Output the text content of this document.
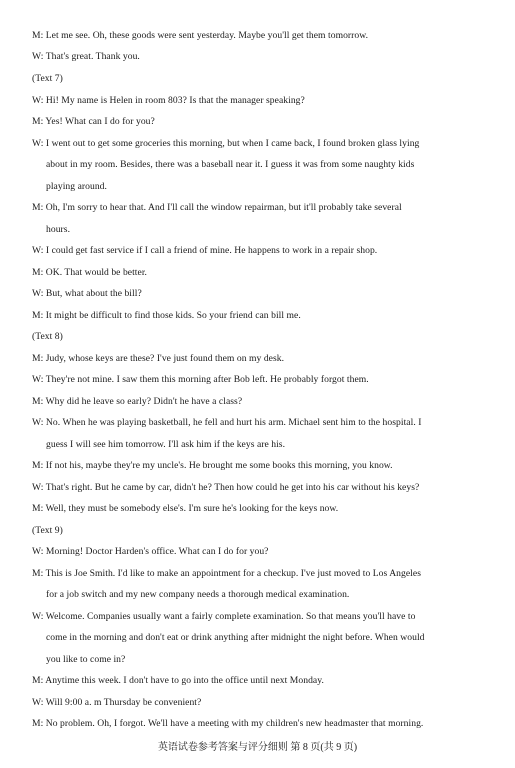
M: Let me see. Oh, these goods were sent yesterday. Maybe you'll get them tomorrow.
W: That's great. Thank you.
(Text 7)
W: Hi! My name is Helen in room 803? Is that the manager speaking?
M: Yes! What can I do for you?
W: I went out to get some groceries this morning, but when I came back, I found broken glass lying
about in my room. Besides, there was a baseball near it. I guess it was from some naughty kids
playing around.
M: Oh, I'm sorry to hear that. And I'll call the window repairman, but it'll probably take several
hours.
W: I could get fast service if I call a friend of mine. He happens to work in a repair shop.
M: OK. That would be better.
W: But, what about the bill?
M: It might be difficult to find those kids. So your friend can bill me.
(Text 8)
M: Judy, whose keys are these? I've just found them on my desk.
W: They're not mine. I saw them this morning after Bob left. He probably forgot them.
M: Why did he leave so early? Didn't he have a class?
W: No. When he was playing basketball, he fell and hurt his arm. Michael sent him to the hospital. I
guess I will see him tomorrow. I'll ask him if the keys are his.
M: If not his, maybe they're my uncle's. He brought me some books this morning, you know.
W: That's right. But he came by car, didn't he? Then how could he get into his car without his keys?
M: Well, they must be somebody else's. I'm sure he's looking for the keys now.
(Text 9)
W: Morning! Doctor Harden's office. What can I do for you?
M: This is Joe Smith. I'd like to make an appointment for a checkup. I've just moved to Los Angeles
for a job switch and my new company needs a thorough medical examination.
W: Welcome. Companies usually want a fairly complete examination. So that means you'll have to
come in the morning and don't eat or drink anything after midnight the night before. When would
you like to come in?
M: Anytime this week. I don't have to go into the office until next Monday.
W: Will 9:00 a. m Thursday be convenient?
M: No problem. Oh, I forgot. We'll have a meeting with my children's new headmaster that morning.
英语试卷参考答案与评分细则 第 8 页(共 9 页)
